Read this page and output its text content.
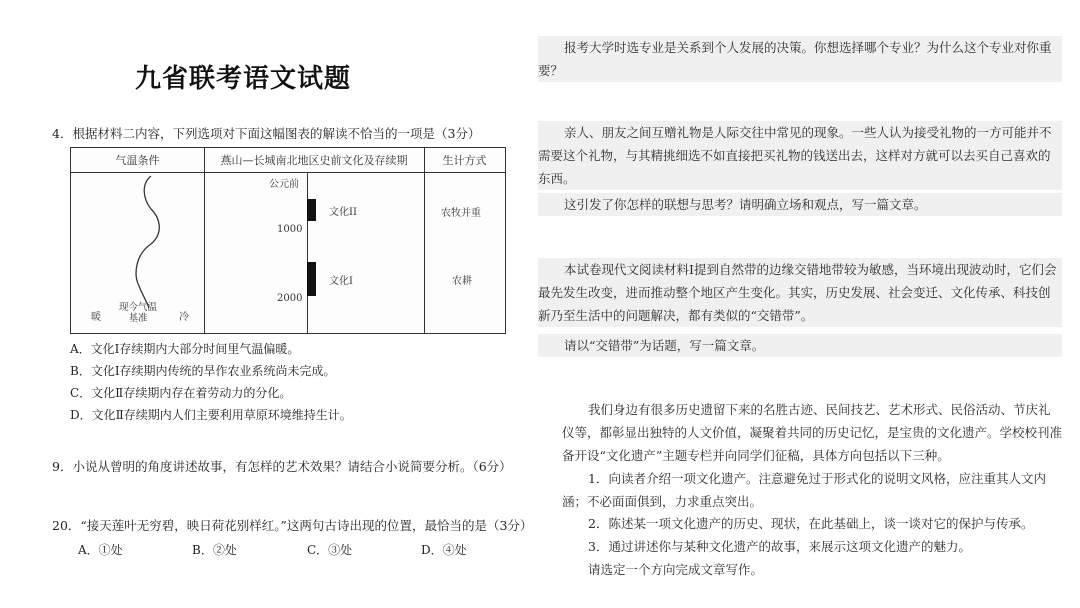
九省联考语文试题
4．根据材料二内容，下列选项对下面这幅图表的解读不恰当的一项是（3分）
气温条件	燕山—长城南北地区史前文化及存续期	生计方式
暖	冷
现今气温
基准
公元前
1000
2000
文化II
文化I
农牧并重
农耕
A．文化Ⅰ存续期内大部分时间里气温偏暖。
B．文化Ⅰ存续期内传统的旱作农业系统尚未完成。
C．文化Ⅱ存续期内存在着劳动力的分化。
D．文化Ⅱ存续期内人们主要利用草原环境维持生计。
9．小说从曾明的角度讲述故事，有怎样的艺术效果？请结合小说简要分析。（6分）
20．“接天莲叶无穷碧，映日荷花别样红。”这两句古诗出现的位置，最恰当的是（3分）
A．①处	B．②处	C．③处	D．④处
报考大学时选专业是关系到个人发展的决策。你想选择哪个专业？为什么这个专业对你重要？
亲人、朋友之间互赠礼物是人际交往中常见的现象。一些人认为接受礼物的一方可能并不需要这个礼物，与其精挑细选不如直接把买礼物的钱送出去，这样对方就可以去买自己喜欢的东西。
这引发了你怎样的联想与思考？请明确立场和观点，写一篇文章。
本试卷现代文阅读材料Ⅰ提到自然带的边缘交错地带较为敏感，当环境出现波动时，它们会最先发生改变，进而推动整个地区产生变化。其实，历史发展、社会变迁、文化传承、科技创新乃至生活中的问题解决，都有类似的“交错带”。
请以“交错带”为话题，写一篇文章。
我们身边有很多历史遗留下来的名胜古迹、民间技艺、艺术形式、民俗活动、节庆礼仪等，都彰显出独特的人文价值，凝聚着共同的历史记忆，是宝贵的文化遗产。学校校刊准备开设“文化遗产”主题专栏并向同学们征稿，具体方向包括以下三种。
1．向读者介绍一项文化遗产。注意避免过于形式化的说明文风格，应注重其人文内涵；不必面面俱到，力求重点突出。
2．陈述某一项文化遗产的历史、现状，在此基础上，谈一谈对它的保护与传承。
3．通过讲述你与某种文化遗产的故事，来展示这项文化遗产的魅力。
请选定一个方向完成文章写作。
